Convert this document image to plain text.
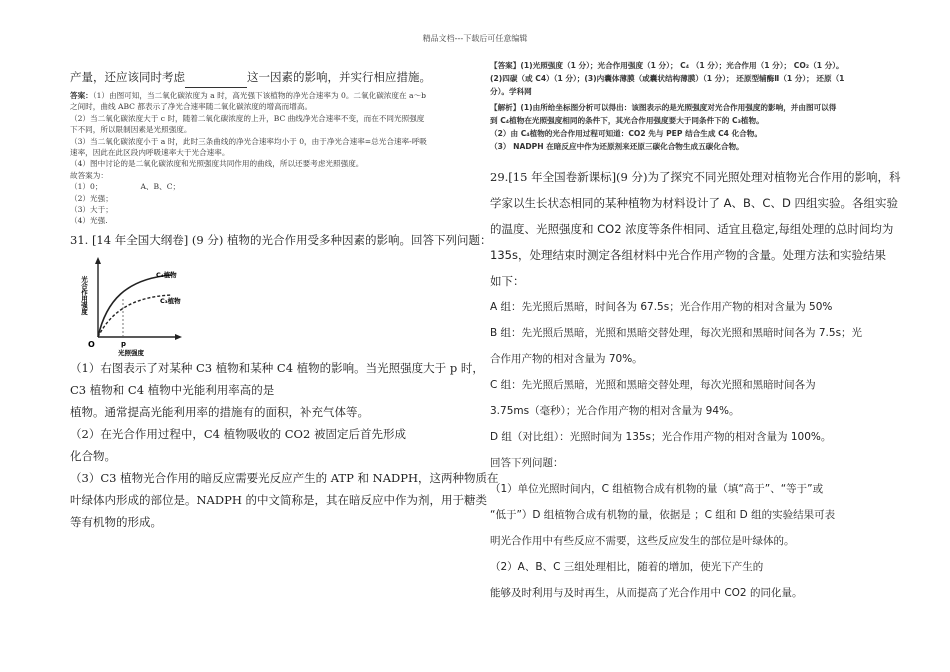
精品文档---下载后可任意编辑

产量，还应该同时考虑	这一因素的影响，并实行相应措施。

答案：（1）由图可知，当二氧化碳浓度为 a 时，高光强下该植物的净光合速率为 0。二氧化碳浓度在 a～b

之间时，曲线 ABC 都表示了净光合速率随二氧化碳浓度的增高而增高。

（2）当二氧化碳浓度大于 c 时，随着二氧化碳浓度的上升，BC 曲线净光合速率不变，而在不同光照强度

下不同，所以限制因素是光照强度。

（3）当二氧化碳浓度小于 a 时，此时三条曲线的净光合速率均小于 0，由于净光合速率=总光合速率-呼吸

速率，因此在此区段内呼吸速率大于光合速率。

（4）图中讨论的是二氧化碳浓度和光照强度共同作用的曲线，所以还要考虑光照强度。

故答案为：

（1）0；	A、B、C；

（2）光强；

（3）大于；

（4）光强.

31. [14 年全国大纲卷] (9 分) 植物的光合作用受多种因素的影响。回答下列问题：

光合作用强度
O	p
光照强度
C₄植物
C₃植物

（1）右图表示了对某种 C3 植物和某种 C4 植物的影响。当光照强度大于 p 时，

C3 植物和 C4 植物中光能利用率高的是

植物。通常提高光能利用率的措施有的面积，补充气体等。

（2）在光合作用过程中，C4 植物吸收的 CO2 被固定后首先形成

化合物。

（3）C3 植物光合作用的暗反应需要光反应产生的 ATP 和 NADPH，这两种物质在

叶绿体内形成的部位是。NADPH 的中文简称是，其在暗反应中作为剂，用于糖类

等有机物的形成。

【答案】(1)光照强度（1 分）；光合作用强度（1 分）； C₄ （1 分）；光合作用（1 分）； CO₂（1 分）。

(2)四碳（或 C4）（1 分）；(3)内囊体薄膜（或囊状结构薄膜）（1 分）； 还原型辅酶Ⅱ（1 分）； 还原（1

分）。学科网

【解析】(1)由所给坐标图分析可以得出：该图表示的是光照强度对光合作用强度的影响，并由图可以得

到 C₄植物在光照强度相同的条件下，其光合作用强度要大于同条件下的 C₃植物。

（2）由 C₄植物的光合作用过程可知道：CO2 先与 PEP 结合生成 C4 化合物。

（3） NADPH 在暗反应中作为还原剂来还原三碳化合物生成五碳化合物。

29.[15 年全国卷新课标](9 分)为了探究不同光照处理对植物光合作用的影响，科

学家以生长状态相同的某种植物为材料设计了 A、B、C、D 四组实验。各组实验

的温度、光照强度和 CO2 浓度等条件相同、适宜且稳定,每组处理的总时间均为

135s，处理结束时测定各组材料中光合作用产物的含量。处理方法和实验结果

如下：

A 组：先光照后黑暗，时间各为 67.5s；光合作用产物的相对含量为 50%

B 组：先光照后黑暗，光照和黑暗交替处理，每次光照和黑暗时间各为 7.5s；光

合作用产物的相对含量为 70%。

C 组：先光照后黑暗，光照和黑暗交替处理，每次光照和黑暗时间各为

3.75ms（毫秒）；光合作用产物的相对含量为 94%。

D 组（对比组）：光照时间为 135s；光合作用产物的相对含量为 100%。

回答下列问题：

（1）单位光照时间内，C 组植物合成有机物的量（填“高于”、“等于”或

“低于”）D 组植物合成有机物的量，依据是 ；C 组和 D 组的实验结果可表

明光合作用中有些反应不需要，这些反应发生的部位是叶绿体的。

（2）A、B、C 三组处理相比，随着的增加，使光下产生的

能够及时利用与及时再生，从而提高了光合作用中 CO2 的同化量。
